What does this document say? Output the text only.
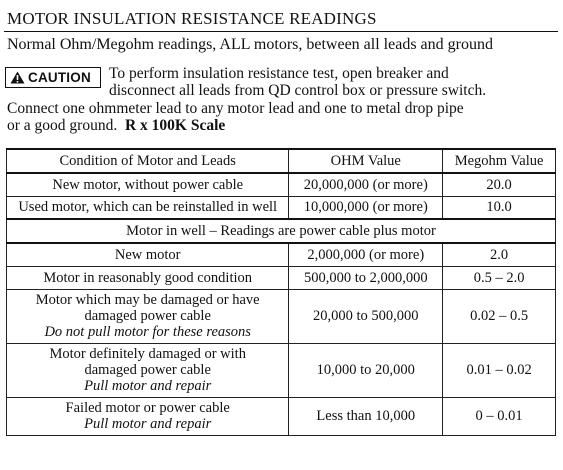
MOTOR INSULATION RESISTANCE READINGS
Normal Ohm/Megohm readings, ALL motors, between all leads and ground
CAUTION To perform insulation resistance test, open breaker and
disconnect all leads from QD control box or pressure switch.
Connect one ohmmeter lead to any motor lead and one to metal drop pipe
or a good ground. R x 100K Scale
Condition of Motor and Leads	OHM Value	Megohm Value

New motor, without power cable	20,000,000 (or more)	20.0

Used motor, which can be reinstalled in well	10,000,000 (or more)	10.0
Motor in well – Readings are power cable plus motor		

New motor	2,000,000 (or more)	2.0

Motor in reasonably good condition	500,000 to 2,000,000	0.5 – 2.0

Motor which may be damaged or have
damaged power cable
Do not pull motor for these reasons	20,000 to 500,000	0.02 – 0.5

Motor definitely damaged or with
damaged power cable
Pull motor and repair	10,000 to 20,000	0.01 – 0.02

Failed motor or power cable
Pull motor and repair	Less than 10,000	0 – 0.01
